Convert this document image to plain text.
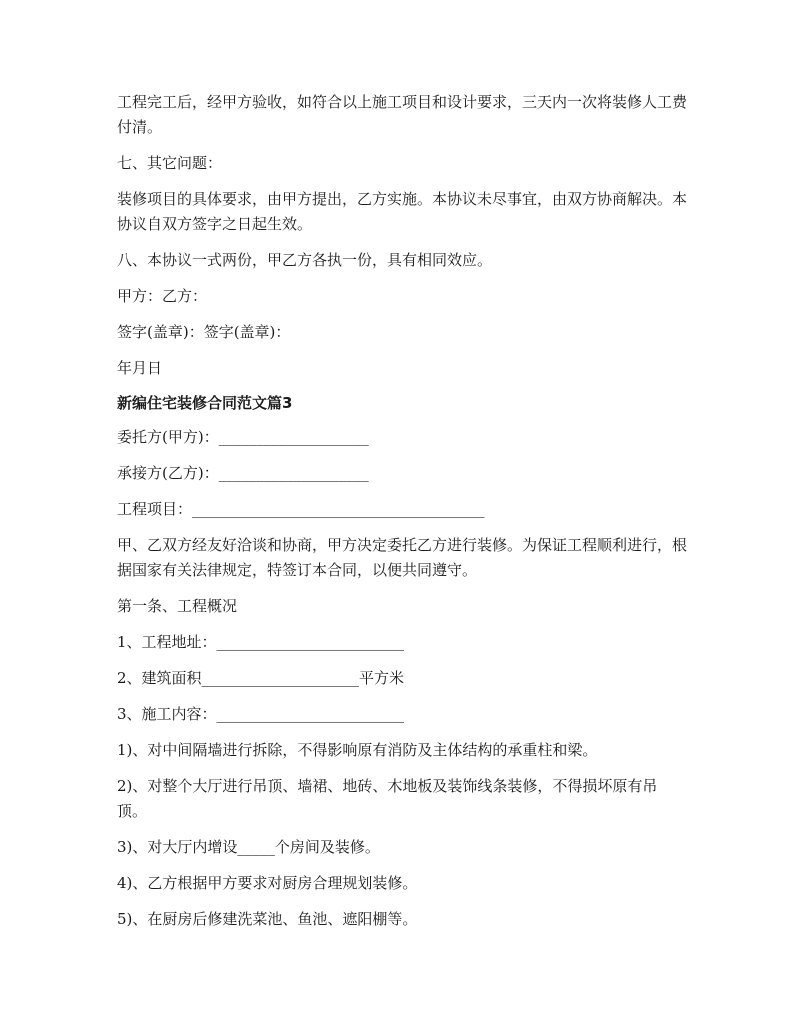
工程完工后，经甲方验收，如符合以上施工项目和设计要求，三天内一次将装修人工费付清。

七、其它问题：

装修项目的具体要求，由甲方提出，乙方实施。本协议未尽事宜，由双方协商解决。本协议自双方签字之日起生效。

八、本协议一式两份，甲乙方各执一份，具有相同效应。

甲方：乙方：

签字(盖章)：签字(盖章)：

年月日

新编住宅装修合同范文篇3

委托方(甲方)：____________________

承接方(乙方)：____________________

工程项目：_______________________________________

甲、乙双方经友好洽谈和协商，甲方决定委托乙方进行装修。为保证工程顺利进行，根据国家有关法律规定，特签订本合同，以便共同遵守。

第一条、工程概况

1、工程地址：_________________________

2、建筑面积_____________________平方米

3、施工内容：_________________________

1)、对中间隔墙进行拆除，不得影响原有消防及主体结构的承重柱和梁。

2)、对整个大厅进行吊顶、墙裙、地砖、木地板及装饰线条装修，不得损坏原有吊顶。

3)、对大厅内增设_____个房间及装修。

4)、乙方根据甲方要求对厨房合理规划装修。

5)、在厨房后修建洗菜池、鱼池、遮阳棚等。
